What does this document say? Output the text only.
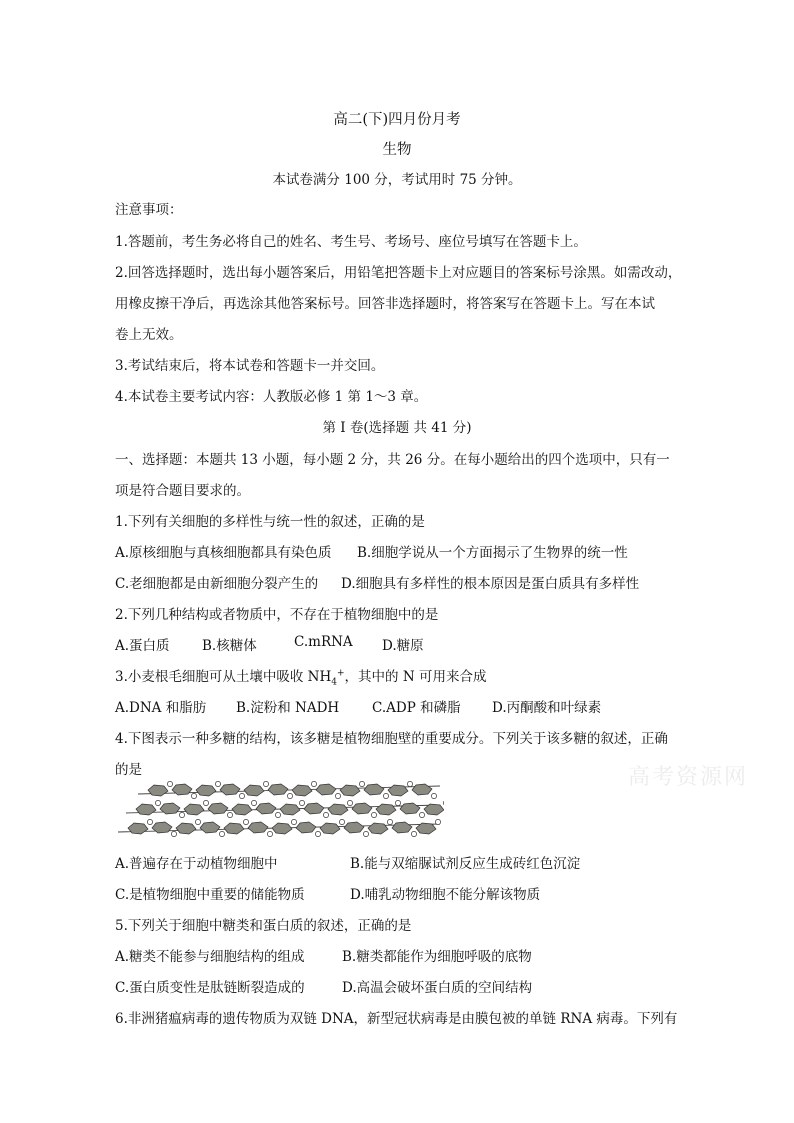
高二(下)四月份月考
生物
本试卷满分 100 分，考试用时 75 分钟。
注意事项：
1.答题前，考生务必将自己的姓名、考生号、考场号、座位号填写在答题卡上。
2.回答选择题时，选出每小题答案后，用铅笔把答题卡上对应题目的答案标号涂黑。如需改动，
用橡皮擦干净后，再选涂其他答案标号。回答非选择题时，将答案写在答题卡上。写在本试
卷上无效。
3.考试结束后，将本试卷和答题卡一并交回。
4.本试卷主要考试内容：人教版必修 1 第 1～3 章。
第 I 卷(选择题 共 41 分)
一、选择题：本题共 13 小题，每小题 2 分，共 26 分。在每小题给出的四个选项中，只有一
项是符合题目要求的。
1.下列有关细胞的多样性与统一性的叙述，正确的是
A.原核细胞与真核细胞都具有染色质 B.细胞学说从一个方面揭示了生物界的统一性
C.老细胞都是由新细胞分裂产生的 D.细胞具有多样性的根本原因是蛋白质具有多样性
2.下列几种结构或者物质中，不存在于植物细胞中的是
A.蛋白质 B.核糖体	C.mRNA D.糖原
3.小麦根毛细胞可从土壤中吸收 $NH_4^+$，其中的 N 可用来合成
A.DNA 和脂肪 B.淀粉和 NADH C.ADP 和磷脂 D.丙酮酸和叶绿素
4.下图表示一种多糖的结构，该多糖是植物细胞壁的重要成分。下列关于该多糖的叙述，正确
的是
A.普遍存在于动植物细胞中	B.能与双缩脲试剂反应生成砖红色沉淀
C.是植物细胞中重要的储能物质	D.哺乳动物细胞不能分解该物质
5.下列关于细胞中糖类和蛋白质的叙述，正确的是
A.糖类不能参与细胞结构的组成	B.糖类都能作为细胞呼吸的底物
C.蛋白质变性是肽链断裂造成的	D.高温会破坏蛋白质的空间结构
6.非洲猪瘟病毒的遗传物质为双链 DNA，新型冠状病毒是由膜包被的单链 RNA 病毒。下列有
高考资源网
